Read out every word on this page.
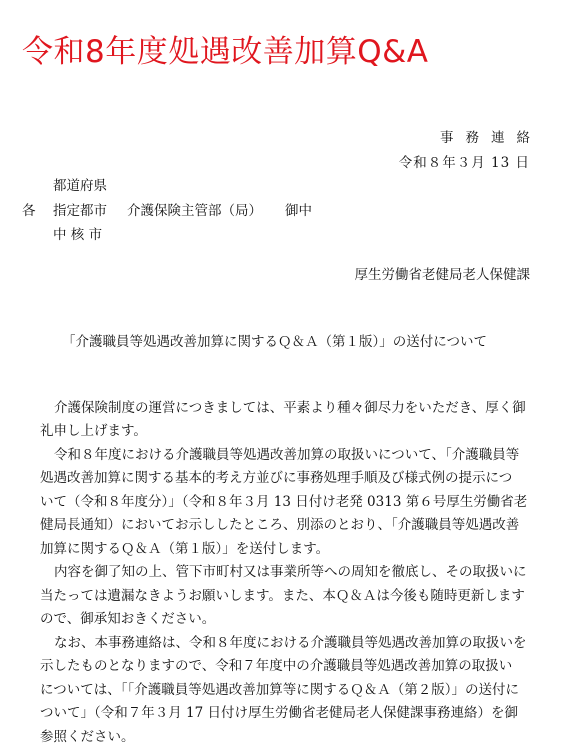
令和8年度処遇改善加算Q&A
事務連絡
令和８年３月 13 日
都道府県
各 指定都市 介護保険主管部（局） 御中
中 核 市
厚生労働省老健局老人保健課
「介護職員等処遇改善加算に関するＱ＆Ａ（第１版）」の送付について
介護保険制度の運営につきましては、平素より種々御尽力をいただき、厚く御
礼申し上げます。
令和８年度における介護職員等処遇改善加算の取扱いについて、「介護職員等
処遇改善加算に関する基本的考え方並びに事務処理手順及び様式例の提示につ
いて（令和８年度分）」（令和８年３月 13 日付け老発 0313 第６号厚生労働省老
健局長通知）においてお示ししたところ、別添のとおり、「介護職員等処遇改善
加算に関するＱ＆Ａ（第１版）」を送付します。
内容を御了知の上、管下市町村又は事業所等への周知を徹底し、その取扱いに
当たっては遺漏なきようお願いします。また、本Ｑ＆Ａは今後も随時更新します
ので、御承知おきください。
なお、本事務連絡は、令和８年度における介護職員等処遇改善加算の取扱いを
示したものとなりますので、令和７年度中の介護職員等処遇改善加算の取扱い
については、「「介護職員等処遇改善加算等に関するＱ＆Ａ（第２版）」の送付に
ついて」（令和７年３月 17 日付け厚生労働省老健局老人保健課事務連絡）を御
参照ください。
